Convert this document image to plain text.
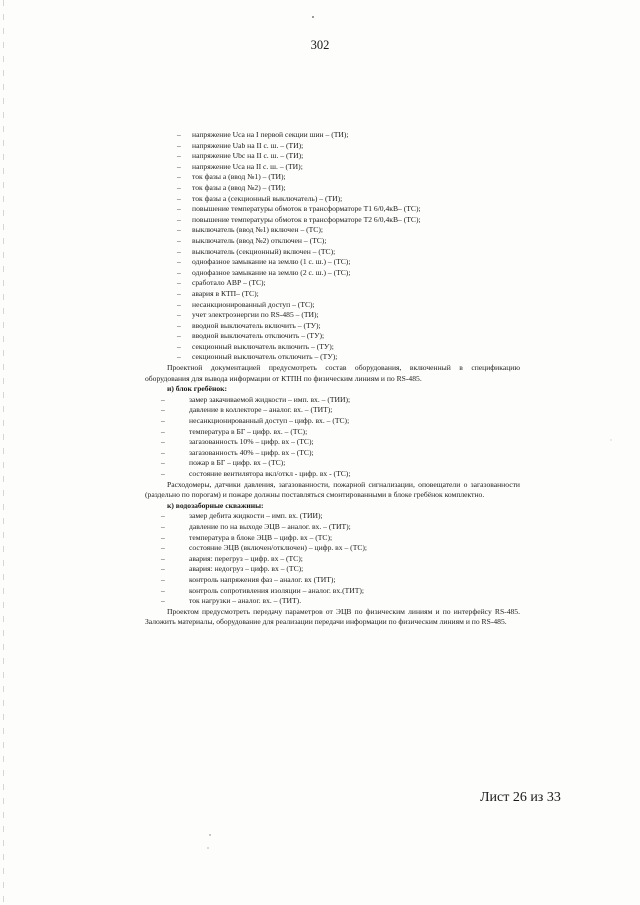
302
– напряжение Uca на I первой секции шин – (ТИ);
– напряжение Uab на II с. ш. – (ТИ);
– напряжение Ubc на II с. ш. – (ТИ);
– напряжение Uca на II с. ш. – (ТИ);
– ток фазы а (ввод №1) – (ТИ);
– ток фазы а (ввод №2) – (ТИ);
– ток фазы а (секционный выключатель) – (ТИ);
– повышение температуры обмоток в трансформаторе Т1 6/0,4кВ– (ТС);
– повышение температуры обмоток в трансформаторе Т2 6/0,4кВ– (ТС);
– выключатель (ввод №1) включен – (ТС);
– выключатель (ввод №2) отключен – (ТС);
– выключатель (секционный) включен – (ТС);
– однофазное замыкание на землю (1 с. ш.) – (ТС);
– однофазное замыкание на землю (2 с. ш.) – (ТС);
– сработало АВР – (ТС);
– авария в КТП– (ТС);
– несанкционированный доступ – (ТС);
– учет электроэнергии по RS-485 – (ТИ);
– вводной выключатель включить – (ТУ);
– вводной выключатель отключить – (ТУ);
– секционный выключатель включить – (ТУ);
– секционный выключатель отключить – (ТУ);

Проектной документацией предусмотреть состав оборудования, включенный в спецификацию оборудования для вывода информации от КТПН по физическим линиям и по RS-485.

и) блок гребёнок:
–	замер закачиваемой жидкости – имп. вх. – (ТИИ);
–	давление в коллекторе – аналог. вх. – (ТИТ);
–	несанкционированный доступ – цифр. вх. – (ТС);
–	температура в БГ – цифр. вх. – (ТС);
–	загазованность 10% – цифр. вх – (ТС);
–	загазованность 40% – цифр. вх – (ТС);
–	пожар в БГ – цифр. вх – (ТС);
–	состояние вентилятора вкл/откл - цифр. вх - (ТС);

Расходомеры, датчики давления, загазованности, пожарной сигнализации, оповещатели о загазованности (раздельно по порогам) и пожаре должны поставляться смонтированными в блоке гребёнок комплектно.

к) водозаборные скважины:
–	замер дебита жидкости – имп. вх. (ТИИ);
–	давление по на выходе ЭЦВ – аналог. вх. – (ТИТ);
–	температура в блоке ЭЦВ – цифр. вх – (ТС);
–	состояние ЭЦВ (включен/отключен) – цифр. вх – (ТС);
–	авария: перегруз – цифр. вх – (ТС);
–	авария: недогруз – цифр. вх – (ТС);
–	контроль напряжения фаз – аналог. вх (ТИТ);
–	контроль сопротивления изоляции – аналог. вх.(ТИТ);
–	ток нагрузки – аналог. вх. – (ТИТ).

Проектом предусмотреть передачу параметров от ЭЦВ по физическим линиям и по интерфейсу RS-485. Заложить материалы, оборудование для реализации передачи информации по физическим линиям и по RS-485.

Лист 26 из 33
